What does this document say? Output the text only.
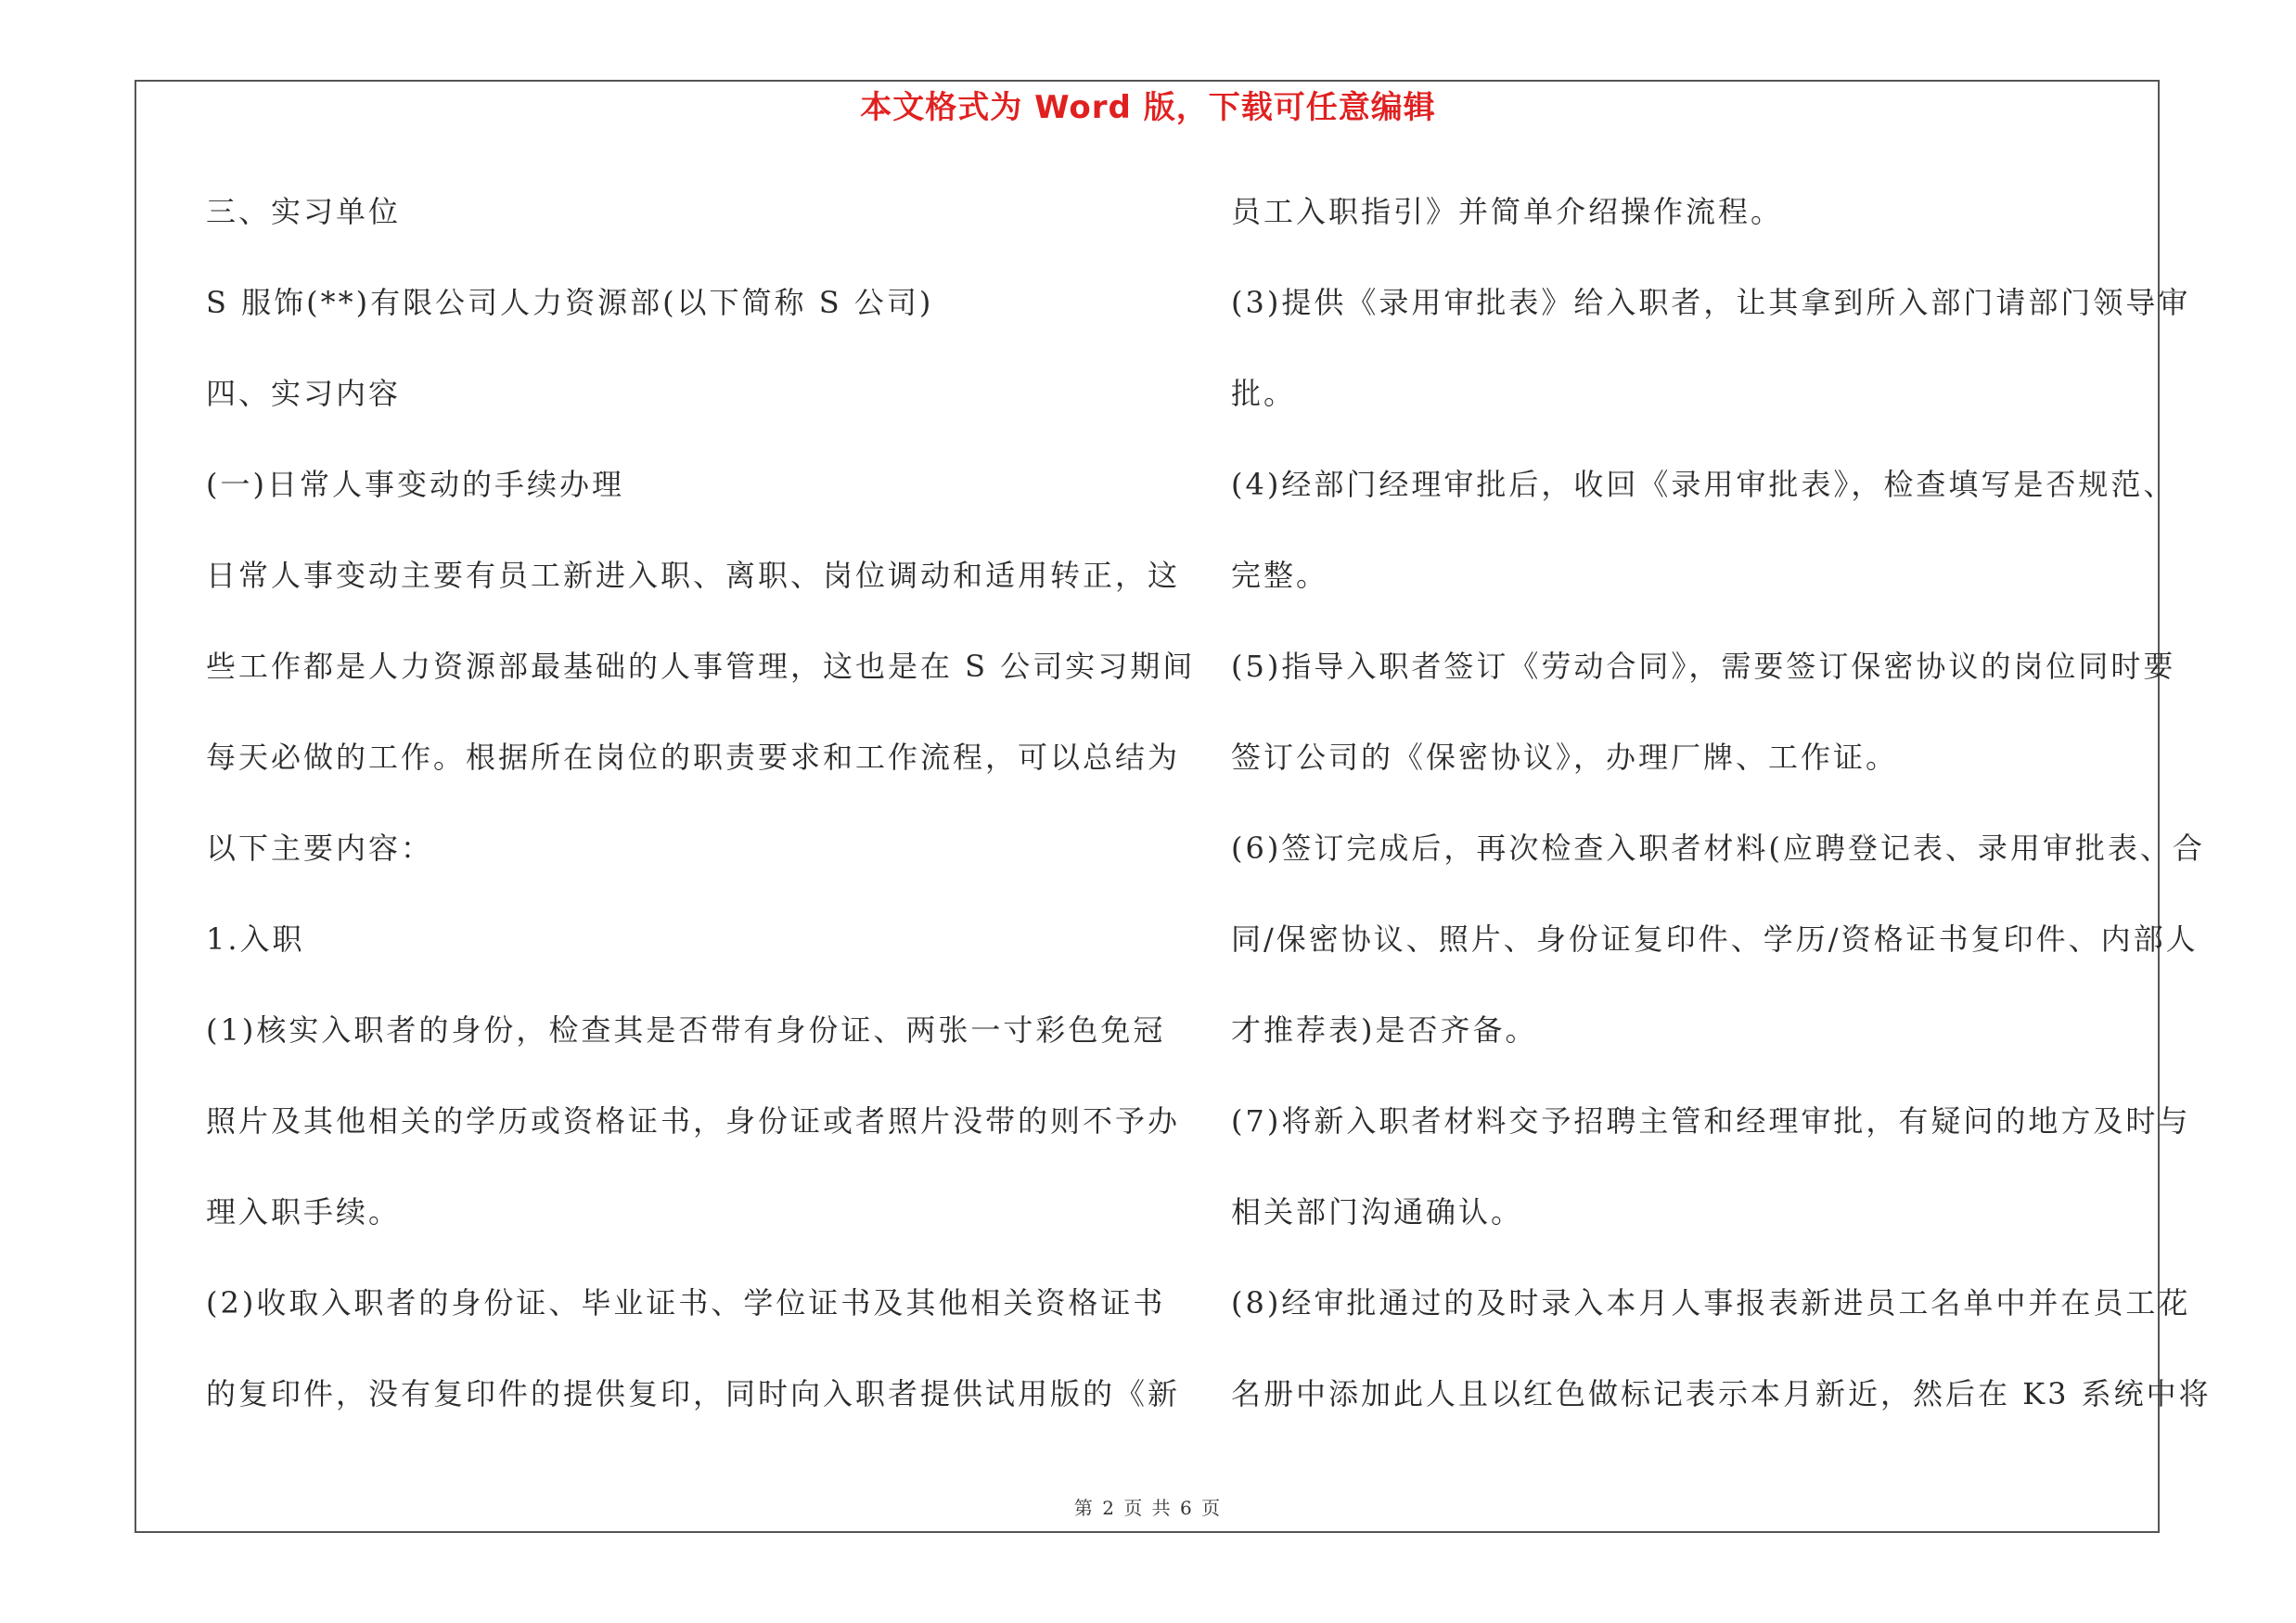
本文格式为 Word 版，下载可任意编辑
三、实习单位
S 服饰(**)有限公司人力资源部(以下简称 S 公司)
四、实习内容
(一)日常人事变动的手续办理
日常人事变动主要有员工新进入职、离职、岗位调动和适用转正，这
些工作都是人力资源部最基础的人事管理，这也是在 S 公司实习期间
每天必做的工作。根据所在岗位的职责要求和工作流程，可以总结为
以下主要内容：
1.入职
(1)核实入职者的身份，检查其是否带有身份证、两张一寸彩色免冠
照片及其他相关的学历或资格证书，身份证或者照片没带的则不予办
理入职手续。
(2)收取入职者的身份证、毕业证书、学位证书及其他相关资格证书
的复印件，没有复印件的提供复印，同时向入职者提供试用版的《新
员工入职指引》并简单介绍操作流程。
(3)提供《录用审批表》给入职者，让其拿到所入部门请部门领导审
批。
(4)经部门经理审批后，收回《录用审批表》，检查填写是否规范、
完整。
(5)指导入职者签订《劳动合同》，需要签订保密协议的岗位同时要
签订公司的《保密协议》，办理厂牌、工作证。
(6)签订完成后，再次检查入职者材料(应聘登记表、录用审批表、合
同/保密协议、照片、身份证复印件、学历/资格证书复印件、内部人
才推荐表)是否齐备。
(7)将新入职者材料交予招聘主管和经理审批，有疑问的地方及时与
相关部门沟通确认。
(8)经审批通过的及时录入本月人事报表新进员工名单中并在员工花
名册中添加此人且以红色做标记表示本月新近，然后在 K3 系统中将
第 2 页 共 6 页
